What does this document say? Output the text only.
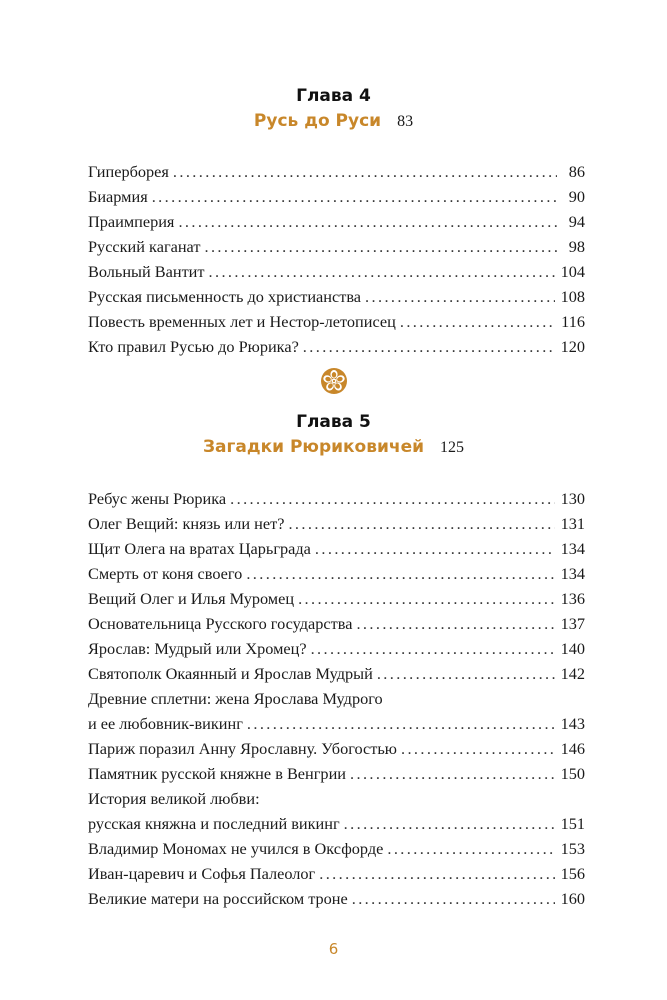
Глава 4
Русь до Руси 83
Гиперборея .....	86
Биармия .....	90
Праимперия .....	94
Русский каганат .....	98
Вольный Вантит .....	104
Русская письменность до христианства .....	108
Повесть временных лет и Нестор-летописец .....	116
Кто правил Русью до Рюрика? .....	120
Глава 5
Загадки Рюриковичей 125
Ребус жены Рюрика .....	130
Олег Вещий: князь или нет? .....	131
Щит Олега на вратах Царьграда .....	134
Смерть от коня своего .....	134
Вещий Олег и Илья Муромец .....	136
Основательница Русского государства .....	137
Ярослав: Мудрый или Хромец? .....	140
Святополк Окаянный и Ярослав Мудрый .....	142
Древние сплетни: жена Ярослава Мудрого
и ее любовник-викинг .....	143
Париж поразил Анну Ярославну. Убогостью .....	146
Памятник русской княжне в Венгрии .....	150
История великой любви:
русская княжна и последний викинг .....	151
Владимир Мономах не учился в Оксфорде .....	153
Иван-царевич и Софья Палеолог .....	156
Великие матери на российском троне .....	160
6
